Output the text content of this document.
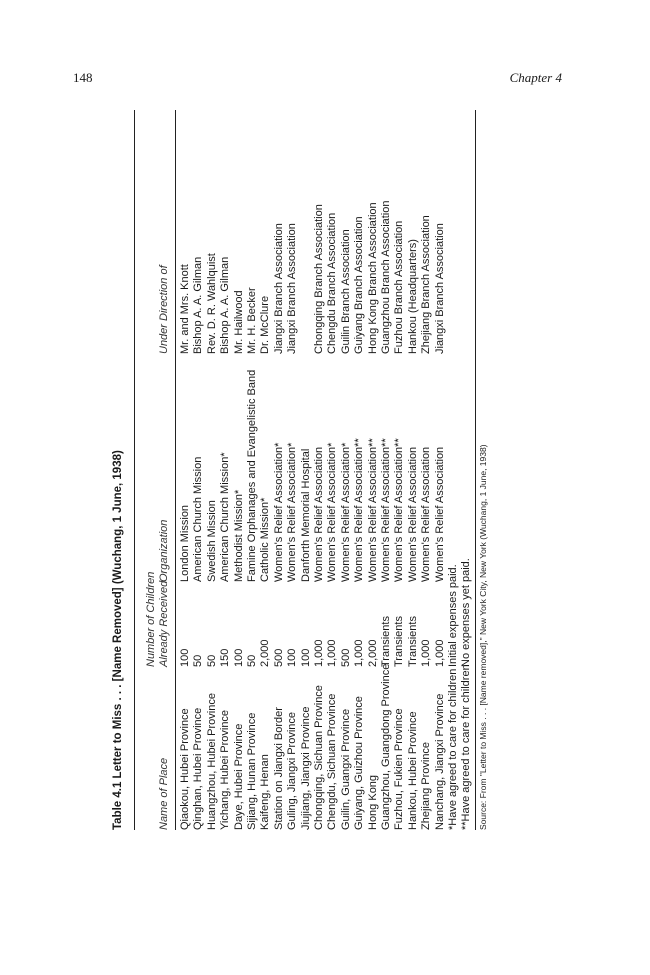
148	Chapter 4
Table 4.1 Letter to Miss . . . [Name Removed] (Wuchang, 1 June, 1938)	Name of Place
Number of Children Already Received
Organization
Under Direction of
Qiaokou, Hubei Province
100
London Mission
Mr. and Mrs. Knott
Qinghan, Hubei Province
50
American Church Mission
Bishop A. A. Gilman
Huangzhou, Hubei Province
50
Swedish Mission
Rev. D. R. Wahlquist
Yichang, Hubei Province
150
American Church Mission*
Bishop A. A. Gilman
Daye, Hubei Province
100
Methodist Mission*
Mr. Hailwood
Sijiang, Hunan Province
50
Famine Orphanages and Evangelistic Band
Mr. H. Becker
Kaifeng, Henan
2,000
Catholic Mission*
Dr. McClure
Station on Jiangxi Border
500
Women's Relief Association*
Jiangxi Branch Association
Guling, Jiangxi Province
100
Women's Relief Association*
Jiangxi Branch Association
Jiujiang, Jiangxi Province
100
Danforth Memorial Hospital
Chongqing, Sichuan Province
1,000
Women's Relief Association
Chongqing Branch Association
Chengdu, Sichuan Province
1,000
Women's Relief Association*
Chengdu Branch Association
Guilin, Guangxi Province
500
Women's Relief Association*
Guilin Branch Association
Guiyang, Guizhou Province
1,000
Women's Relief Association**
Guiyang Branch Association
Hong Kong
2,000
Women's Relief Association**
Hong Kong Branch Association
Guangzhou, Guangdong Province
Transients
Women's Relief Association**
Guangzhou Branch Association
Fuzhou, Fukien Province
Transients
Women's Relief Association**
Fuzhou Branch Association
Hankou, Hubei Province
Transients
Women's Relief Association
Hankou (Headquarters)
Zhejiang Province
1,000
Women's Relief Association
Zhejiang Branch Association
Nanchang, Jiangxi Province
1,000
Women's Relief Association
Jiangxi Branch Association
*Have agreed to care for children
Initial expenses paid.
**Have agreed to care for children
No expenses yet paid. Source: From "Letter to Miss . . . [Name removed]," New York City, New York (Wuchang, 1 June, 1938)
